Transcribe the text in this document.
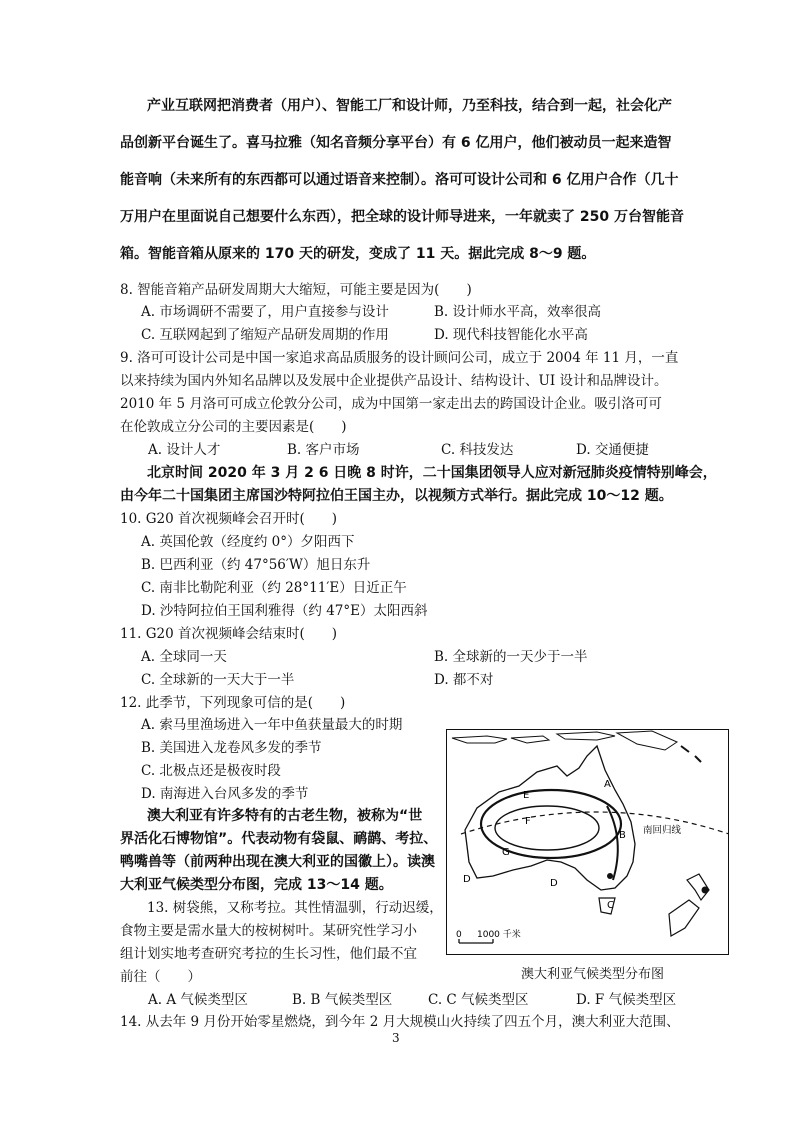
产业互联网把消费者（用户）、智能工厂和设计师，乃至科技，结合到一起，社会化产
品创新平台诞生了。喜马拉雅（知名音频分享平台）有 6 亿用户，他们被动员一起来造智
能音响（未来所有的东西都可以通过语音来控制）。洛可可设计公司和 6 亿用户合作（几十
万用户在里面说自己想要什么东西），把全球的设计师导进来，一年就卖了 250 万台智能音
箱。智能音箱从原来的 170 天的研发，变成了 11 天。据此完成 8～9 题。
8. 智能音箱产品研发周期大大缩短，可能主要是因为(　　)
A. 市场调研不需要了，用户直接参与设计	B. 设计师水平高，效率很高
C. 互联网起到了缩短产品研发周期的作用	D. 现代科技智能化水平高
9. 洛可可设计公司是中国一家追求高品质服务的设计顾问公司，成立于 2004 年 11 月，一直
以来持续为国内外知名品牌以及发展中企业提供产品设计、结构设计、UI 设计和品牌设计。
2010 年 5 月洛可可成立伦敦分公司，成为中国第一家走出去的跨国设计企业。吸引洛可可
在伦敦成立分公司的主要因素是(　　)
A. 设计人才	B. 客户市场	C. 科技发达	D. 交通便捷
北京时间 2020 年 3 月 2 6 日晚 8 时许，二十国集团领导人应对新冠肺炎疫情特别峰会，
由今年二十国集团主席国沙特阿拉伯王国主办，以视频方式举行。据此完成 10～12 题。
10. G20 首次视频峰会召开时(　　)
A. 英国伦敦（经度约 0°）夕阳西下
B. 巴西利亚（约 47°56′W）旭日东升
C. 南非比勒陀利亚（约 28°11′E）日近正午
D. 沙特阿拉伯王国利雅得（约 47°E）太阳西斜
11. G20 首次视频峰会结束时(　　)
A. 全球同一天	B. 全球新的一天少于一半
C. 全球新的一天大于一半	D. 都不对
12. 此季节，下列现象可信的是(　　)
A. 索马里渔场进入一年中鱼获量最大的时期
B. 美国进入龙卷风多发的季节
C. 北极点还是极夜时段
D. 南海进入台风多发的季节
澳大利亚有许多特有的古老生物，被称为“世
界活化石博物馆”。代表动物有袋鼠、鸸鹋、考拉、
鸭嘴兽等（前两种出现在澳大利亚的国徽上）。读澳
大利亚气候类型分布图，完成 13～14 题。
13. 树袋熊，又称考拉。其性情温驯，行动迟缓，
食物主要是需水量大的桉树树叶。某研究性学习小
组计划实地考查研究考拉的生长习性，他们最不宜
前往（　　）
A. A 气候类型区	B. B 气候类型区	C. C 气候类型区	D. F 气候类型区
14. 从去年 9 月份开始零星燃烧，到今年 2 月大规模山火持续了四五个月，澳大利亚大范围、
A
E
F
B
G
D	D
C
南回归线
0 1000 千米
澳大利亚气候类型分布图
3
